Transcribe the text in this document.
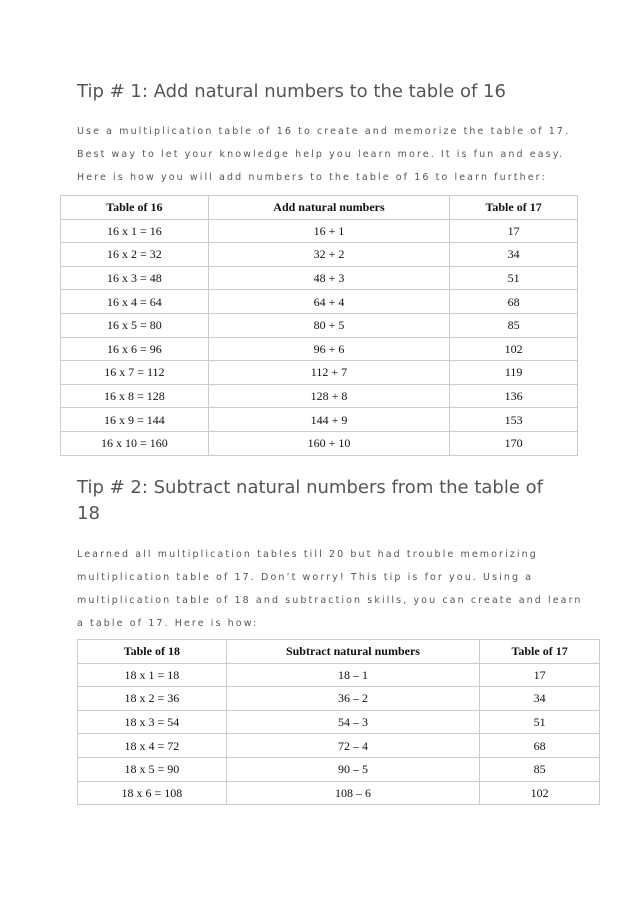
Tip # 1: Add natural numbers to the table of 16
Use a multiplication table of 16 to create and memorize the table of 17.
Best way to let your knowledge help you learn more. It is fun and easy.
Here is how you will add numbers to the table of 16 to learn further:
Table of 16	Add natural numbers	Table of 17
16 x 1 = 16	16 + 1	17
16 x 2 = 32	32 + 2	34
16 x 3 = 48	48 + 3	51
16 x 4 = 64	64 + 4	68
16 x 5 = 80	80 + 5	85
16 x 6 = 96	96 + 6	102
16 x 7 = 112	112 + 7	119
16 x 8 = 128	128 + 8	136
16 x 9 = 144	144 + 9	153
16 x 10 = 160	160 + 10	170
Tip # 2: Subtract natural numbers from the table of
18
Learned all multiplication tables till 20 but had trouble memorizing
multiplication table of 17. Don’t worry! This tip is for you. Using a
multiplication table of 18 and subtraction skills, you can create and learn
a table of 17. Here is how:
Table of 18	Subtract natural numbers	Table of 17
18 x 1 = 18	18 – 1	17
18 x 2 = 36	36 – 2	34
18 x 3 = 54	54 – 3	51
18 x 4 = 72	72 – 4	68
18 x 5 = 90	90 – 5	85
18 x 6 = 108	108 – 6	102
